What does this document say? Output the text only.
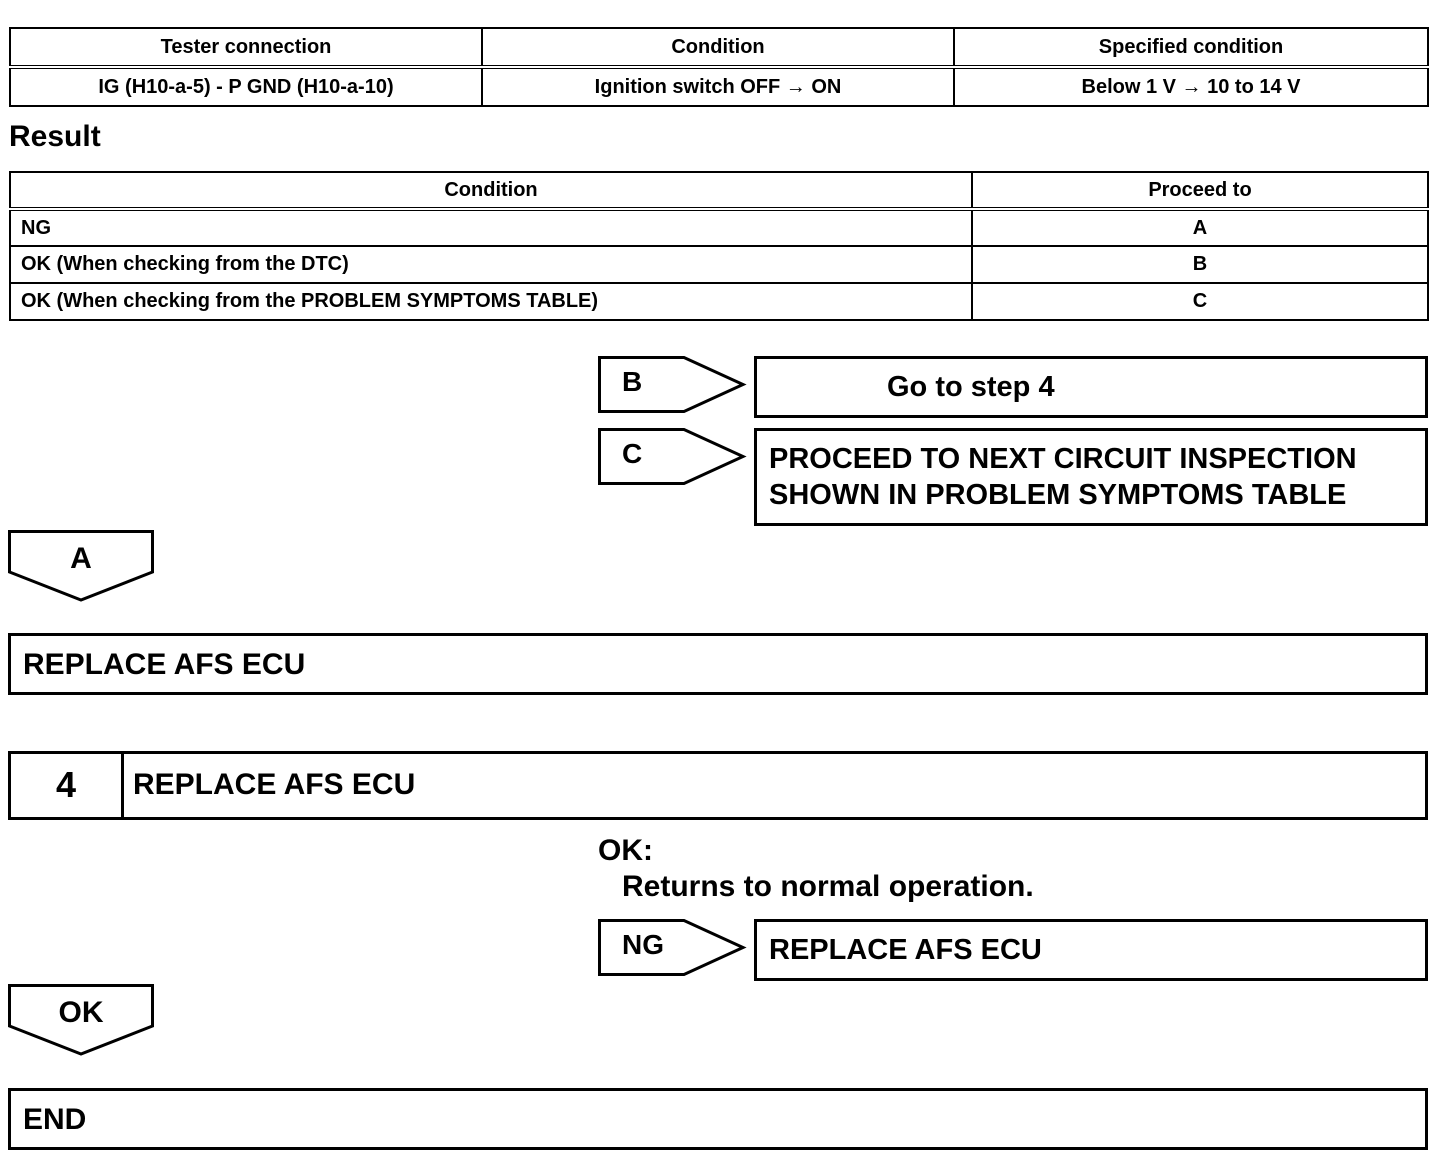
Tester connection	Condition	Specified condition
IG (H10-a-5) - P GND (H10-a-10)	Ignition switch OFF → ON	Below 1 V → 10 to 14 V
Result
Condition	Proceed to
NG	A
OK (When checking from the DTC)	B
OK (When checking from the PROBLEM SYMPTOMS TABLE)	C
B	Go to step 4
C	PROCEED TO NEXT CIRCUIT INSPECTION
SHOWN IN PROBLEM SYMPTOMS TABLE
A
REPLACE AFS ECU
4	REPLACE AFS ECU
OK:
Returns to normal operation.
NG	REPLACE AFS ECU
OK
END
